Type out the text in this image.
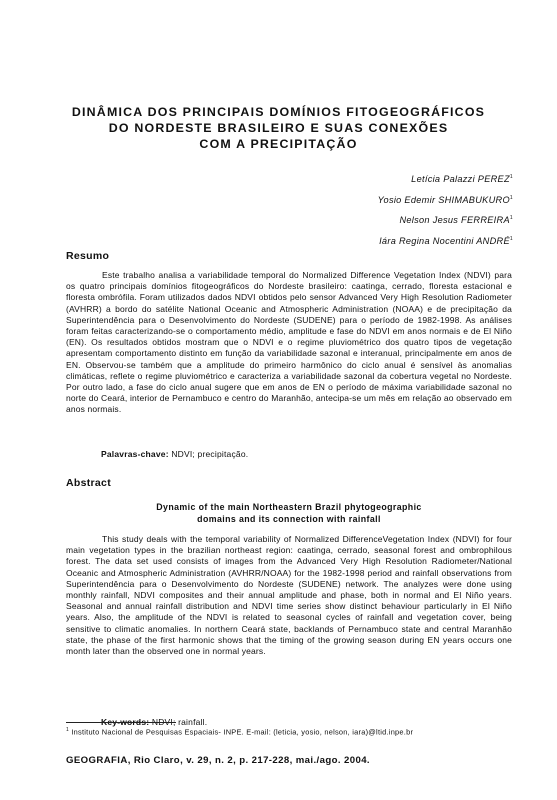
DINÂMICA DOS PRINCIPAIS DOMÍNIOS FITOGEOGRÁFICOS
DO NORDESTE BRASILEIRO E SUAS CONEXÕES
COM A PRECIPITAÇÃO
Letícia Palazzi PEREZ$^1$
Yosio Edemir SHIMABUKURO$^1$
Nelson Jesus FERREIRA$^1$
Iára Regina Nocentini ANDRÉ$^1$
Resumo
Este trabalho analisa a variabilidade temporal do Normalized Difference Vegetation Index (NDVI) para os quatro principais domínios fitogeográficos do Nordeste brasileiro: caatinga, cerrado, floresta estacional e floresta ombrófila. Foram utilizados dados NDVI obtidos pelo sensor Advanced Very High Resolution Radiometer (AVHRR) a bordo do satélite National Oceanic and Atmospheric Administration (NOAA) e de precipitação da Superintendência para o Desenvolvimento do Nordeste (SUDENE) para o período de 1982-1998. As análises foram feitas caracterizando-se o comportamento médio, amplitude e fase do NDVI em anos normais e de El Niño (EN). Os resultados obtidos mostram que o NDVI e o regime pluviométrico dos quatro tipos de vegetação apresentam comportamento distinto em função da variabilidade sazonal e interanual, principalmente em anos de EN. Observou-se também que a amplitude do primeiro harmônico do ciclo anual é sensível às anomalias climáticas, reflete o regime pluviométrico e caracteriza a variabilidade sazonal da cobertura vegetal no Nordeste. Por outro lado, a fase do ciclo anual sugere que em anos de EN o período de máxima variabilidade sazonal no norte do Ceará, interior de Pernambuco e centro do Maranhão, antecipa-se um mês em relação ao observado em anos normais.
Palavras-chave: NDVI; precipitação.
Abstract
Dynamic of the main Northeastern Brazil phytogeographic
domains and its connection with rainfall
This study deals with the temporal variability of Normalized DifferenceVegetation Index (NDVI) for four main vegetation types in the brazilian northeast region: caatinga, cerrado, seasonal forest and ombrophilous forest. The data set used consists of images from the Advanced Very High Resolution Radiometer/National Oceanic and Atmospheric Administration (AVHRR/NOAA) for the 1982-1998 period and rainfall observations from Superintendência para o Desenvolvimento do Nordeste (SUDENE) network. The analyzes were done using monthly rainfall, NDVI composites and their annual amplitude and phase, both in normal and El Niño years. Seasonal and annual rainfall distribution and NDVI time series show distinct behaviour particularly in El Niño years. Also, the amplitude of the NDVI is related to seasonal cycles of rainfall and vegetation cover, being sensitive to climatic anomalies. In northern Ceará state, backlands of Pernambuco state and central Maranhão state, the phase of the first harmonic shows that the timing of the growing season during EN years occurs one month later than the observed one in normal years.
Key-words: NDVI; rainfall.
$^1$ Instituto Nacional de Pesquisas Espaciais- INPE. E-mail: (leticia, yosio, nelson, iara)@ltid.inpe.br
GEOGRAFIA, Rio Claro, v. 29, n. 2, p. 217-228, mai./ago. 2004.
